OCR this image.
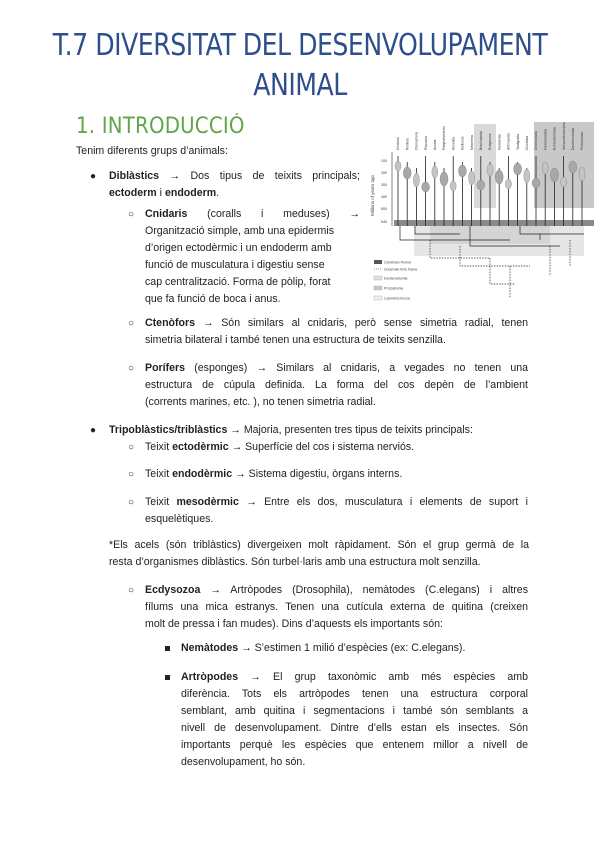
T.7 DIVERSITAT DEL DESENVOLUPAMENT
ANIMAL
1. INTRODUCCIÓ

Tenim diferents grups d’animals:

● Diblàstics → Dos tipus de teixits principals;
ectoderm i endoderm.
○ Cnidaris (coralls i meduses) →
Organització simple, amb una epidermis
d’origen ectodèrmic i un endoderm amb
funció de musculatura i digestiu sense
cap centralització. Forma de pòlip, forat
que fa funció de boca i anus.
○ Ctenòfors → Són similars al cnidaris, però sense simetria radial, tenen
simetria bilateral i també tenen una estructura de teixits senzilla.
○ Porífers (esponges) → Similars al cnidaris, a vegades no tenen una
estructura de cúpula definida. La forma del cos depèn de l’ambient
(corrents marines, etc. ), no tenen simetria radial.
● Tripoblàstics/triblàstics → Majoria, presenten tres tipus de teixits principals:
○ Teixit ectodèrmic → Superfície del cos i sistema nerviós.
○ Teixit endodèrmic → Sistema digestiu, òrgans interns.
○ Teixit mesodèrmic → Entre els dos, musculatura i elements de suport i
esquelètiques.
*Els acels (són triblàstics) divergeixen molt ràpidament. Són el grup germà de la
resta d’organismes diblàstics. Són turbel·laris amb una estructura molt senzilla.
○ Ecdysozoa → Artròpodes (Drosophila), nemàtodes (C.elegans) i altres
fílums una mica estranys. Tenen una cutícula externa de quitina (creixen
molt de pressa i fan mudes). Dins d’aquests els importants són:
Nemàtodes → S’estimen 1 milió d’espècies (ex: C.elegans).
Artròpodes → El grup taxonòmic amb més espècies amb
diferència. Tots els artròpodes tenen una estructura corporal
semblant, amb quitina i segmentacions i també són semblants a
nivell de desenvolupament. Dintre d’ells estan els insectes. Són
importants perquè les espècies que entenem millor a nivell de
desenvolupament, ho són.
Millions of years ago
100
200
300
400
500
540
Cnidaria Porifera Ctenophora Placozoa Acoela Platyhelminthes Annelida Mollusca Nemertea Brachiopoda Ecdysozoa Nematoda Arthropoda Tardigrada Chordata Urochordata Hemichordata Echinodermata Xenacoelomorpha Deuterostomia Protostomia
Cambrian Period
Uncertain time frame
Deuterostomia
Protostomia
Lophotrochozoa
